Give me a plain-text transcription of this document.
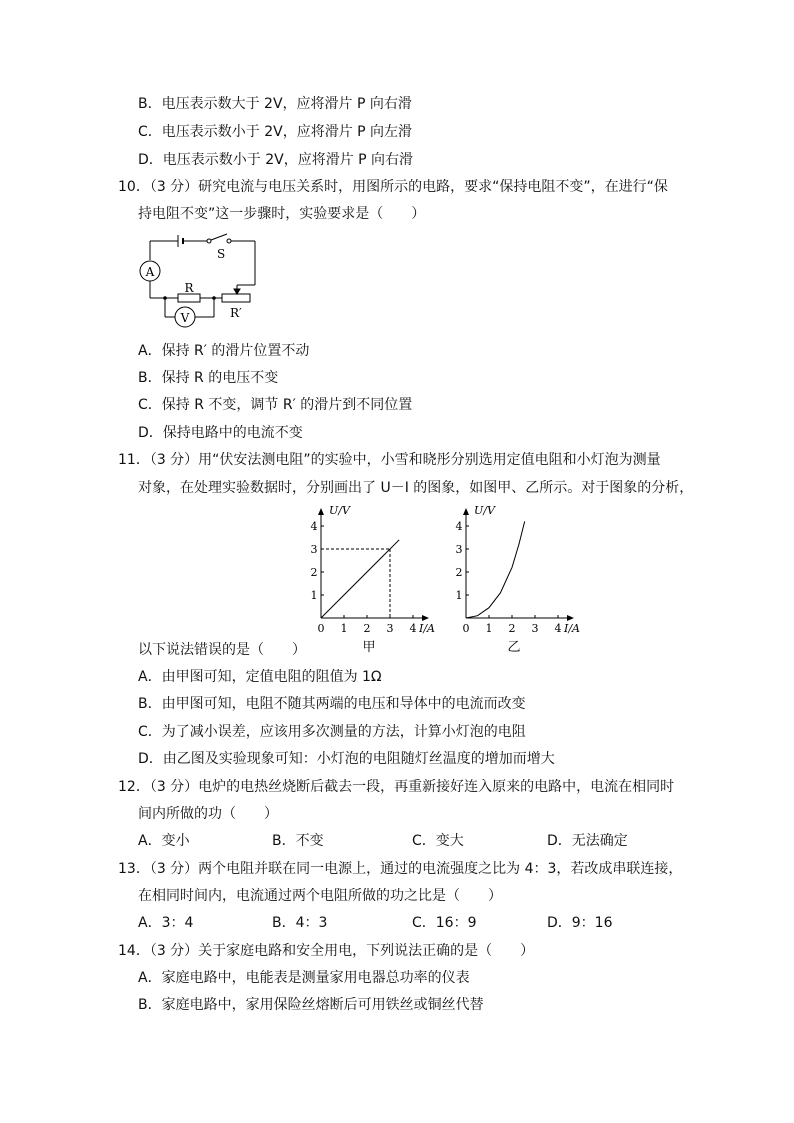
B．电压表示数大于 2V，应将滑片 P 向右滑
C．电压表示数小于 2V，应将滑片 P 向左滑
D．电压表示数小于 2V，应将滑片 P 向右滑
10．（3 分）研究电流与电压关系时，用图所示的电路，要求“保持电阻不变”，在进行“保
持电阻不变”这一步骤时，实验要求是（　　）
A
V
S
R
R′
A．保持 R′ 的滑片位置不动
B．保持 R 的电压不变
C．保持 R 不变，调节 R′ 的滑片到不同位置
D．保持电路中的电流不变
11．（3 分）用“伏安法测电阻”的实验中，小雪和晓彤分别选用定值电阻和小灯泡为测量
对象，在处理实验数据时，分别画出了 U－I 的图象，如图甲、乙所示。对于图象的分析，
0 1 2 3 4
1
2
3
4
U/V
I/A
甲
0 1 2 3 4
1
2
3
4
U/V
I/A
乙
以下说法错误的是（　　）
A．由甲图可知，定值电阻的阻值为 1Ω
B．由甲图可知，电阻不随其两端的电压和导体中的电流而改变
C．为了减小误差，应该用多次测量的方法，计算小灯泡的电阻
D．由乙图及实验现象可知：小灯泡的电阻随灯丝温度的增加而增大
12．（3 分）电炉的电热丝烧断后截去一段，再重新接好连入原来的电路中，电流在相同时
间内所做的功（　　）
A．变小	B．不变	C．变大	D．无法确定
13．（3 分）两个电阻并联在同一电源上，通过的电流强度之比为 4：3，若改成串联连接，
在相同时间内，电流通过两个电阻所做的功之比是（　　）
A．3：4	B．4：3	C．16：9	D．9：16
14．（3 分）关于家庭电路和安全用电，下列说法正确的是（　　）
A．家庭电路中，电能表是测量家用电器总功率的仪表
B．家庭电路中，家用保险丝熔断后可用铁丝或铜丝代替
